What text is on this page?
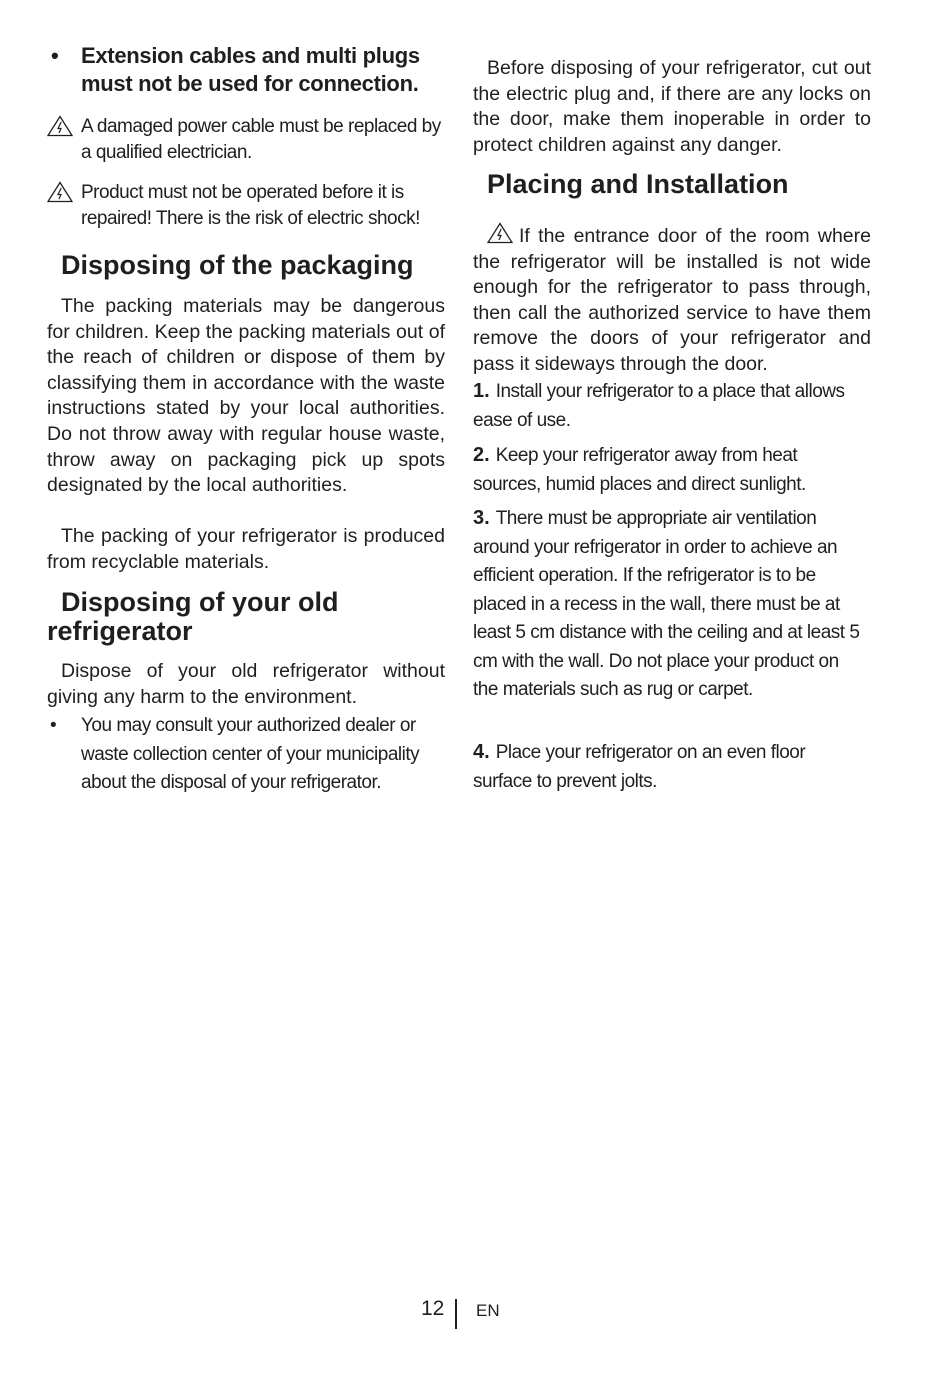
• Extension cables and multi plugs must not be used for connection.
A damaged power cable must be replaced by a qualified electrician.
Product must not be operated before it is repaired! There is the risk of electric shock!
Disposing of the packaging

The packing materials may be dangerous for children. Keep the packing materials out of the reach of children or dispose of them by classifying them in accordance with the waste instructions stated by your local authorities. Do not throw away with regular house waste, throw away on packaging pick up spots designated by the local authorities.

The packing of your refrigerator is produced from recyclable materials.

Disposing of your old refrigerator

Dispose of your old refrigerator without giving any harm to the environment.

• You may consult your authorized dealer or waste collection center of your municipality about the disposal of your refrigerator.

Before disposing of your refrigerator, cut out the electric plug and, if there are any locks on the door, make them inoperable in order to protect children against any danger.

Placing and Installation
If the entrance door of the room where the refrigerator will be installed is not wide enough for the refrigerator to pass through, then call the authorized service to have them remove the doors of your refrigerator and pass it sideways through the door.
1. Install your refrigerator to a place that allows ease of use.
2. Keep your refrigerator away from heat sources, humid places and direct sunlight.
3. There must be appropriate air ventilation around your refrigerator in order to achieve an efficient operation. If the refrigerator is to be placed in a recess in the wall, there must be at least 5 cm distance with the ceiling and at least 5 cm with the wall. Do not place your product on the materials such as rug or carpet.
4. Place your refrigerator on an even floor surface to prevent jolts.
12 EN
